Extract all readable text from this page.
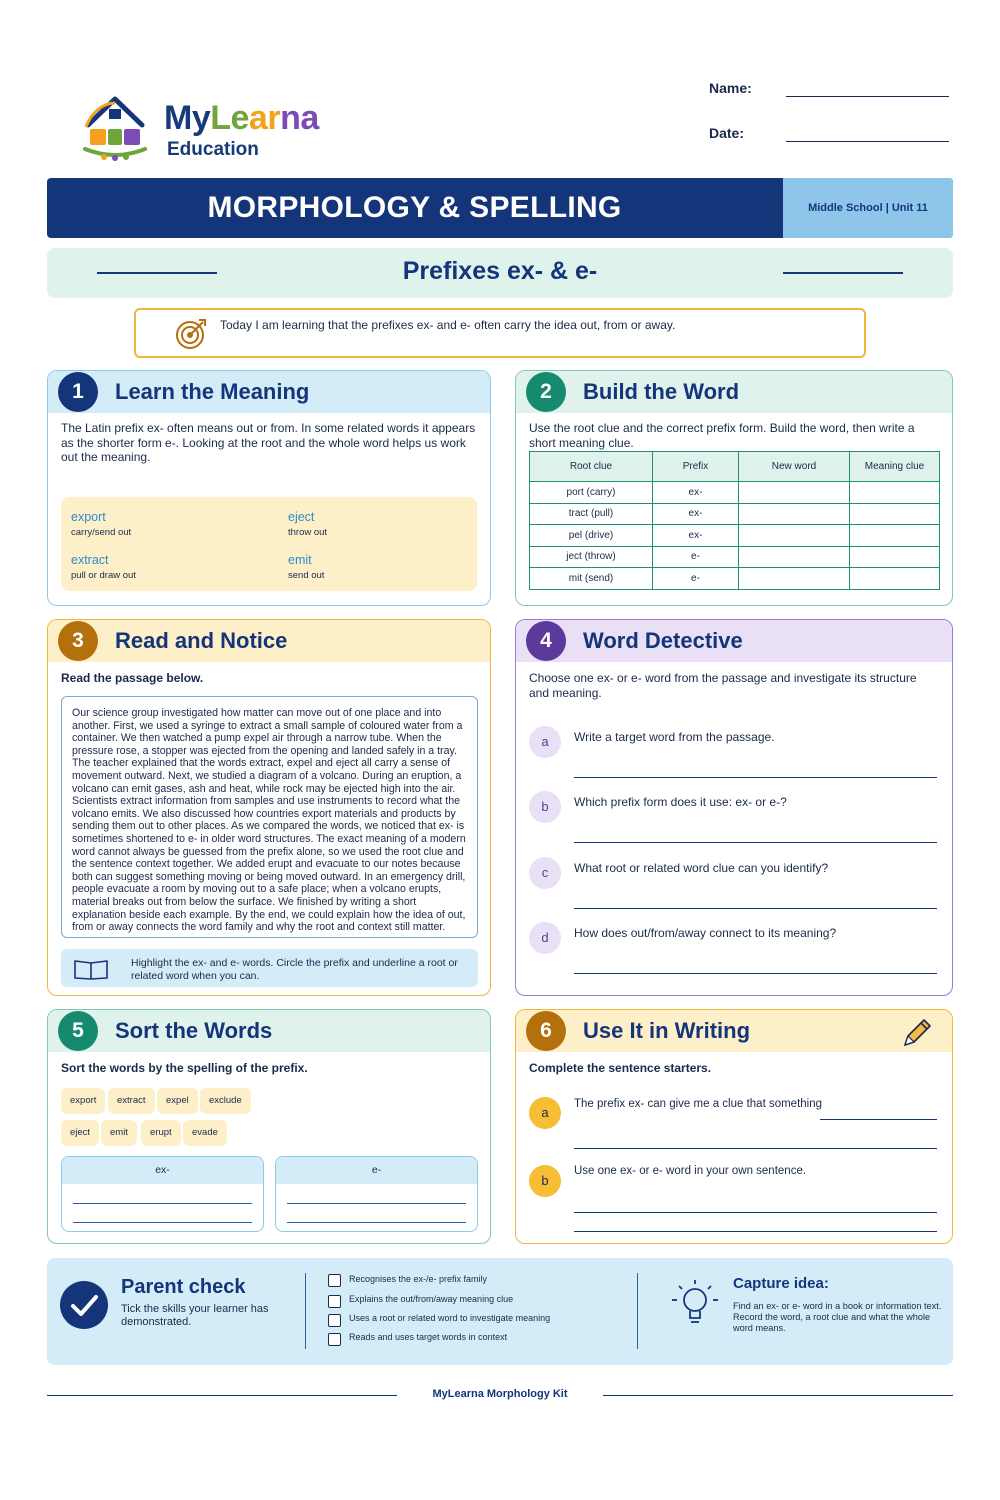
MyLearna
Education
Name:
Date:
MORPHOLOGY & SPELLING	Middle School | Unit 11
Prefixes ex- & e-
Today I am learning that the prefixes ex- and e- often carry the idea out, from or away.
1	Learn the Meaning
The Latin prefix ex- often means out or from. In some related words it appears as the shorter form e-. Looking at the root and the whole word helps us work out the meaning.
export
carry/send out
eject
throw out
extract
pull or draw out
emit
send out
2	Build the Word
Use the root clue and the correct prefix form. Build the word, then write a short meaning clue.
Root clue	Prefix	New word	Meaning clue
port (carry)	ex-		
tract (pull)	ex-		
pel (drive)	ex-		
ject (throw)	e-		
mit (send)	e-		
3	Read and Notice
Read the passage below.
Our science group investigated how matter can move out of one place and into another. First, we used a syringe to extract a small sample of coloured water from a container. We then watched a pump expel air through a narrow tube. When the pressure rose, a stopper was ejected from the opening and landed safely in a tray. The teacher explained that the words extract, expel and eject all carry a sense of movement outward. Next, we studied a diagram of a volcano. During an eruption, a volcano can emit gases, ash and heat, while rock may be ejected high into the air. Scientists extract information from samples and use instruments to record what the volcano emits. We also discussed how countries export materials and products by sending them out to other places. As we compared the words, we noticed that ex- is sometimes shortened to e- in older word structures. The exact meaning of a modern word cannot always be guessed from the prefix alone, so we used the root clue and the sentence context together. We added erupt and evacuate to our notes because both can suggest something moving or being moved outward. In an emergency drill, people evacuate a room by moving out to a safe place; when a volcano erupts, material breaks out from below the surface. We finished by writing a short explanation beside each example. By the end, we could explain how the idea of out, from or away connects the word family and why the root and context still matter.
Highlight the ex- and e- words. Circle the prefix and underline a root or related word when you can.
4	Word Detective
Choose one ex- or e- word from the passage and investigate its structure and meaning.
a	Write a target word from the passage.
b	Which prefix form does it use: ex- or e-?
c	What root or related word clue can you identify?
d	How does out/from/away connect to its meaning?
5	Sort the Words
Sort the words by the spelling of the prefix.
export	extract	expel	exclude
eject	emit	erupt	evade
ex-	e-
6	Use It in Writing
Complete the sentence starters.
a
The prefix ex- can give me a clue that something
b
Use one ex- or e- word in your own sentence.
Parent check
Tick the skills your learner has demonstrated.
Recognises the ex-/e- prefix family
Explains the out/from/away meaning clue
Uses a root or related word to investigate meaning
Reads and uses target words in context
Capture idea:
Find an ex- or e- word in a book or information text. Record the word, a root clue and what the whole word means.
MyLearna Morphology Kit
